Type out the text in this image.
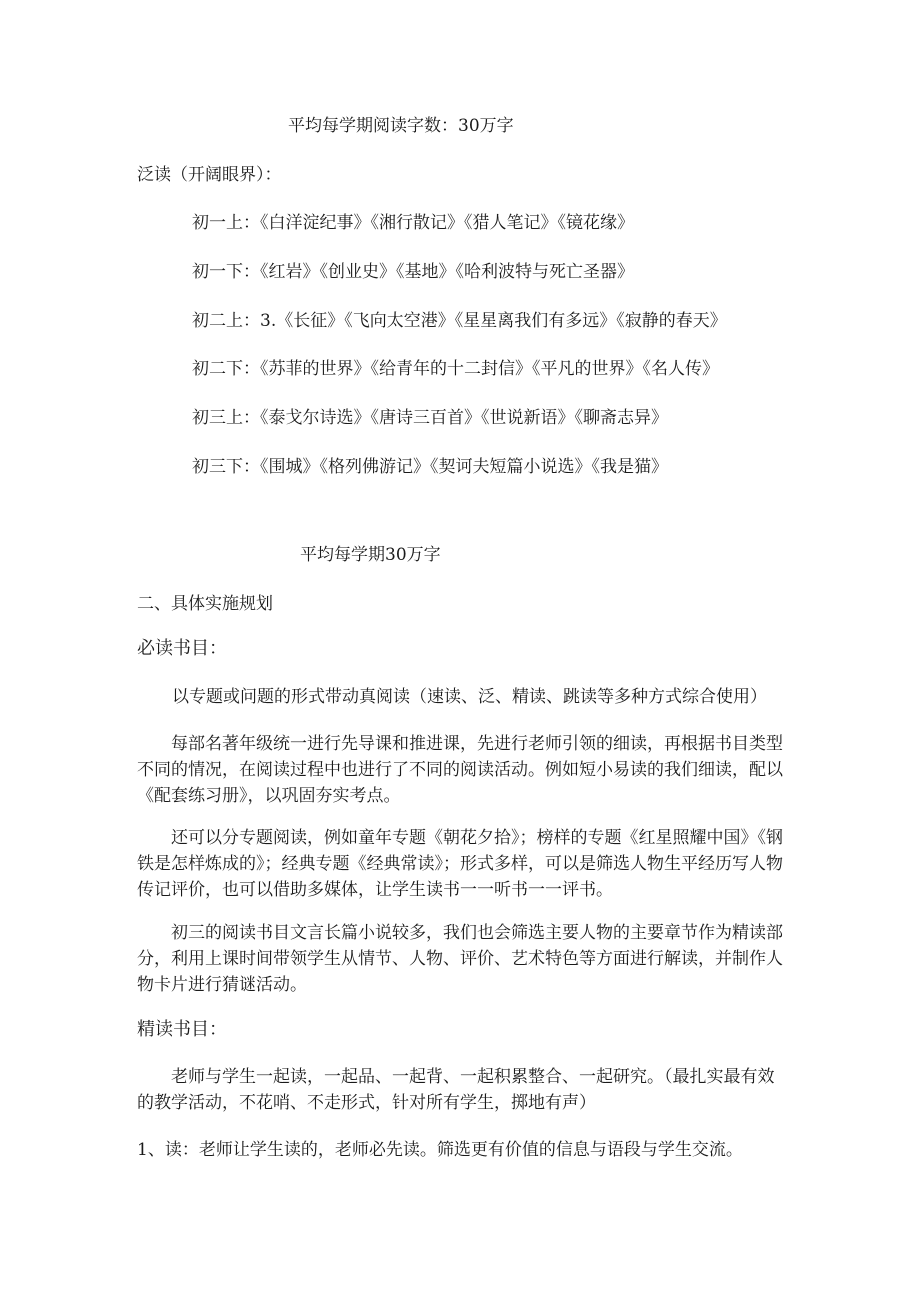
平均每学期阅读字数：30万字
泛读（开阔眼界）：
初一上：《白洋淀纪事》《湘行散记》《猎人笔记》《镜花缘》
初一下：《红岩》《创业史》《基地》《哈利波特与死亡圣器》
初二上：3.《长征》《飞向太空港》《星星离我们有多远》《寂静的春天》
初二下：《苏菲的世界》《给青年的十二封信》《平凡的世界》《名人传》
初三上：《泰戈尔诗选》《唐诗三百首》《世说新语》《聊斋志异》
初三下：《围城》《格列佛游记》《契诃夫短篇小说选》《我是猫》
平均每学期30万字
二、具体实施规划
必读书目：
以专题或问题的形式带动真阅读（速读、泛、精读、跳读等多种方式综合使用）
每部名著年级统一进行先导课和推进课，先进行老师引领的细读，再根据书目类型不同的情况，在阅读过程中也进行了不同的阅读活动。例如短小易读的我们细读，配以《配套练习册》，以巩固夯实考点。
还可以分专题阅读，例如童年专题《朝花夕拾》；榜样的专题《红星照耀中国》《钢铁是怎样炼成的》；经典专题《经典常读》；形式多样，可以是筛选人物生平经历写人物传记评价，也可以借助多媒体，让学生读书一一听书一一评书。
初三的阅读书目文言长篇小说较多，我们也会筛选主要人物的主要章节作为精读部分，利用上课时间带领学生从情节、人物、评价、艺术特色等方面进行解读，并制作人物卡片进行猜谜活动。
精读书目：
老师与学生一起读，一起品、一起背、一起积累整合、一起研究。（最扎实最有效的教学活动，不花哨、不走形式，针对所有学生，掷地有声）
1、读：老师让学生读的，老师必先读。筛选更有价值的信息与语段与学生交流。
